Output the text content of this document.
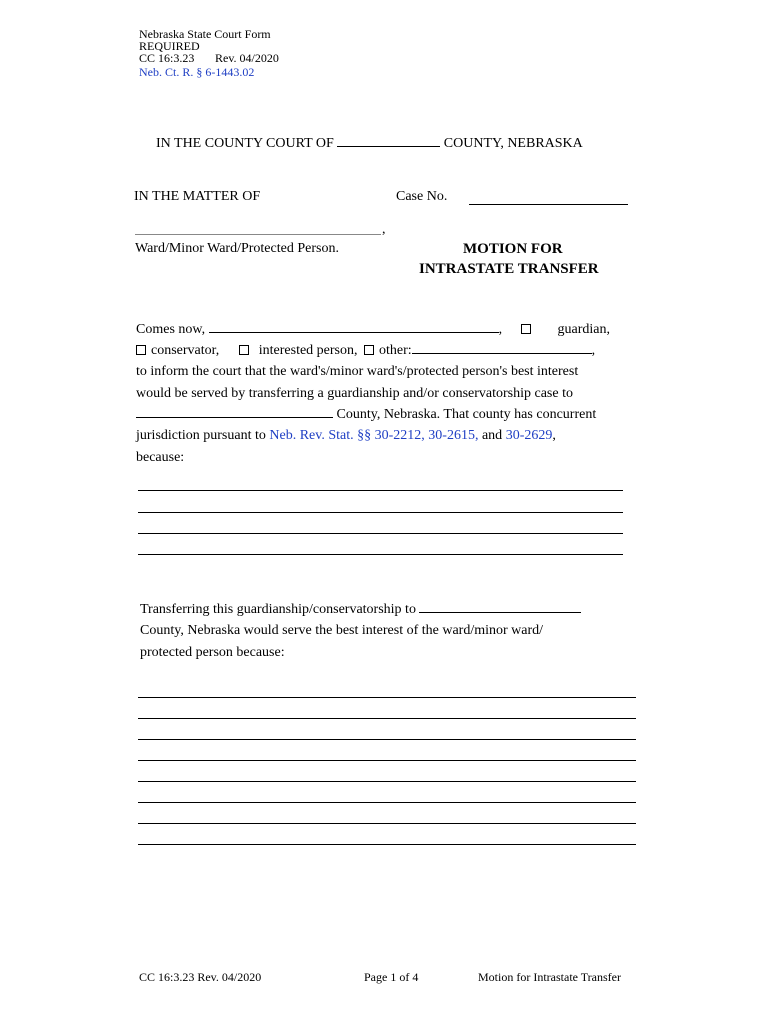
Nebraska State Court Form
REQUIRED
CC 16:3.23 Rev. 04/2020
Neb. Ct. R. § 6-1443.02
IN THE COUNTY COURT OF	COUNTY, NEBRASKA
IN THE MATTER OF	Case No.
,
Ward/Minor Ward/Protected Person.	MOTION FOR
INTRASTATE TRANSFER
Comes now,	,	guardian,
conservator,	interested person, other:	,
to inform the court that the ward's/minor ward's/protected person's best interest
would be served by transferring a guardianship and/or conservatorship case to
County, Nebraska. That county has concurrent
jurisdiction pursuant to Neb. Rev. Stat. §§ 30-2212, 30-2615, and 30-2629,
because:
Transferring this guardianship/conservatorship to
County, Nebraska would serve the best interest of the ward/minor ward/
protected person because:
CC 16:3.23 Rev. 04/2020	Page 1 of 4	Motion for Intrastate Transfer
